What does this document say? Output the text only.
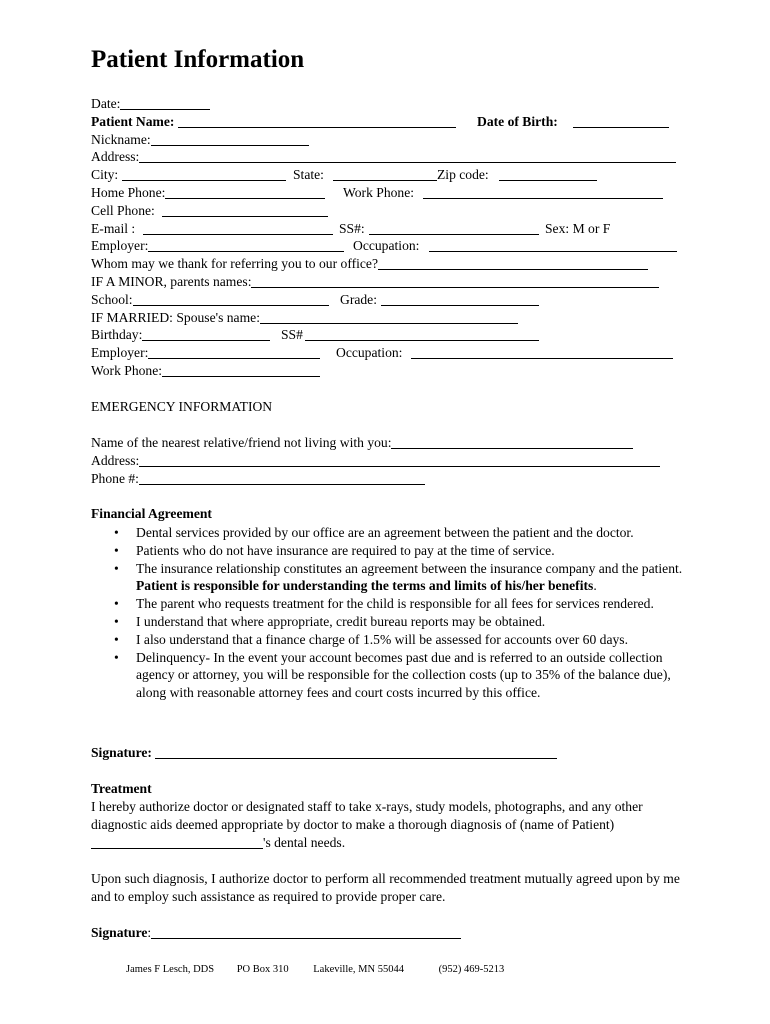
Patient Information
Date:
Patient Name:	Date of Birth:
Nickname:
Address:
City:	State:	Zip code:
Home Phone:	Work Phone:
Cell Phone:
E-mail :	SS#:	Sex: M or F
Employer:	Occupation:
Whom may we thank for referring you to our office?
IF A MINOR, parents names:
School:	Grade:
IF MARRIED: Spouse's name:
Birthday:	SS#
Employer:	Occupation:
Work Phone:
EMERGENCY INFORMATION
Name of the nearest relative/friend not living with you:
Address:
Phone #:
Financial Agreement
• Dental services provided by our office are an agreement between the patient and the doctor.
• Patients who do not have insurance are required to pay at the time of service.
• The insurance relationship constitutes an agreement between the insurance company and the patient. Patient is responsible for understanding the terms and limits of his/her benefits.
• The parent who requests treatment for the child is responsible for all fees for services rendered.
• I understand that where appropriate, credit bureau reports may be obtained.
• I also understand that a finance charge of 1.5% will be assessed for accounts over 60 days.
• Delinquency- In the event your account becomes past due and is referred to an outside collection agency or attorney, you will be responsible for the collection costs (up to 35% of the balance due), along with reasonable attorney fees and court costs incurred by this office.
Signature:
Treatment
I hereby authorize doctor or designated staff to take x-rays, study models, photographs, and any other diagnostic aids deemed appropriate by doctor to make a thorough diagnosis of (name of Patient)'s dental needs.
Upon such diagnosis, I authorize doctor to perform all recommended treatment mutually agreed upon by me and to employ such assistance as required to provide proper care.
Signature:
James F Lesch, DDS PO Box 310 Lakeville, MN 55044	(952) 469-5213
